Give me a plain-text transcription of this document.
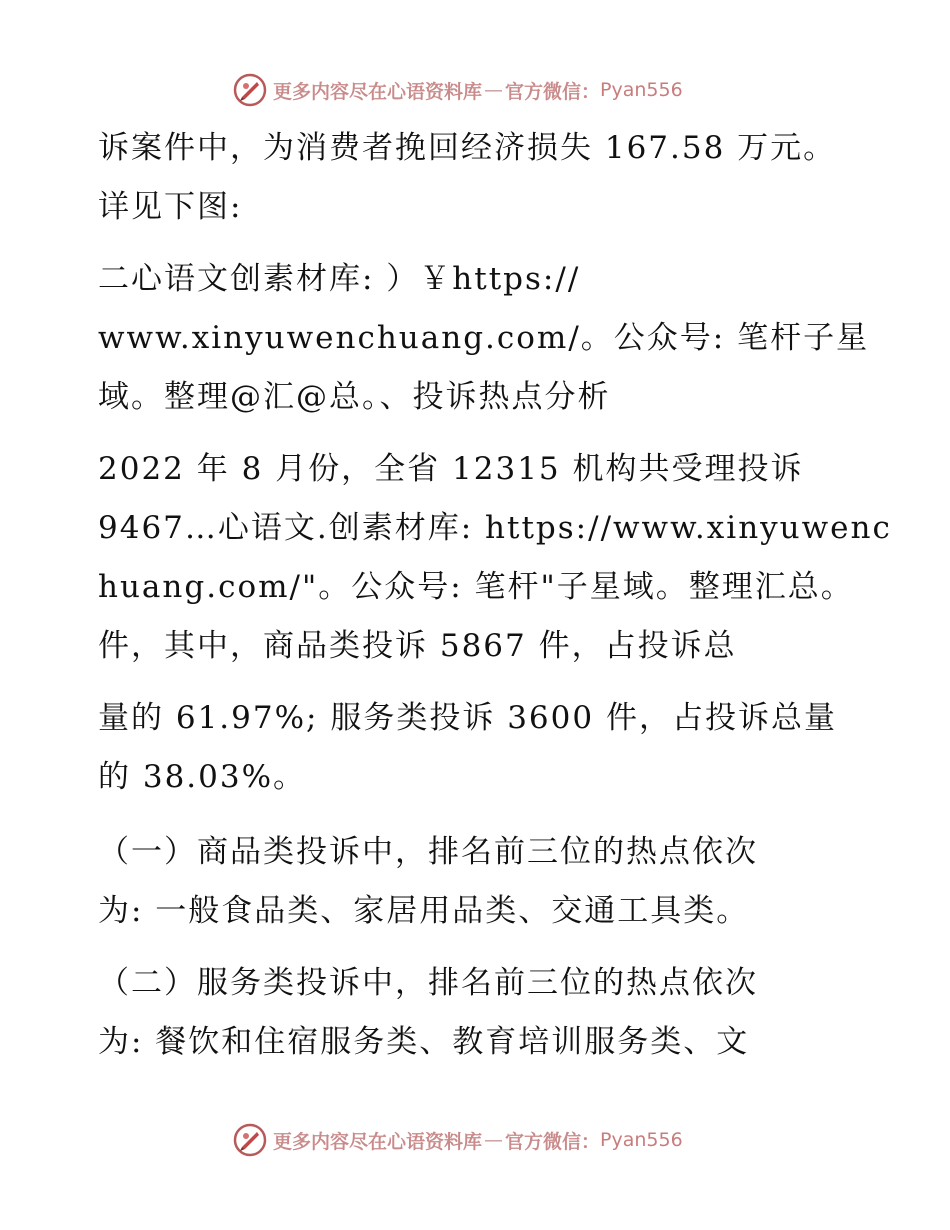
更多内容尽在心语资料库 — 官方微信： Pyan556
诉案件中，为消费者挽回经济损失 167.58 万元。
详见下图:
二心语文创素材库: ）￥https://
www.xinyuwenchuang.com/。公众号: 笔杆子星
域。整理@汇@总。、投诉热点分析
2022 年 8 月份，全省 12315 机构共受理投诉
9467…心语文.创素材库: https://www.xinyuwenc
huang.com/"。公众号: 笔杆"子星域。整理汇总。
件，其中，商品类投诉 5867 件，占投诉总
量的 61.97%; 服务类投诉 3600 件，占投诉总量
的 38.03%。
（一）商品类投诉中，排名前三位的热点依次
为: 一般食品类、家居用品类、交通工具类。
（二）服务类投诉中，排名前三位的热点依次
为: 餐饮和住宿服务类、教育培训服务类、文
更多内容尽在心语资料库 — 官方微信： Pyan556
